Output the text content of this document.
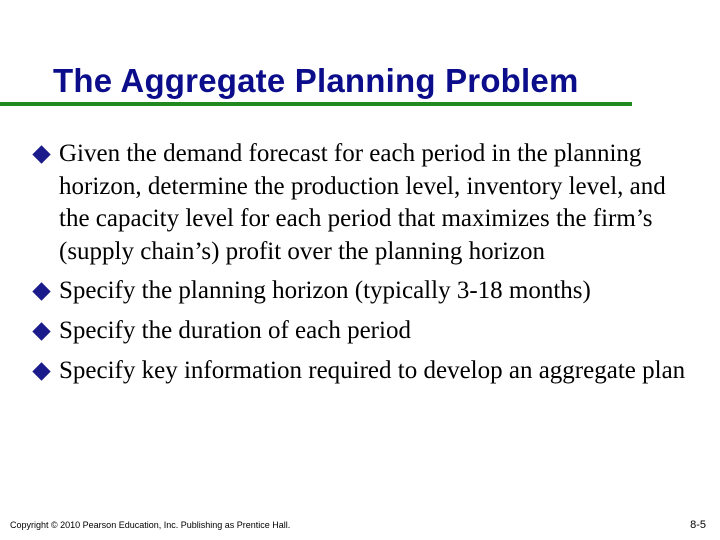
The Aggregate Planning Problem
Given the demand forecast for each period in the planning horizon, determine the production level, inventory level, and the capacity level for each period that maximizes the firm’s (supply chain’s) profit over the planning horizon
Specify the planning horizon (typically 3-18 months)
Specify the duration of each period
Specify key information required to develop an aggregate plan
Copyright © 2010 Pearson Education, Inc. Publishing as Prentice Hall.	8-5
